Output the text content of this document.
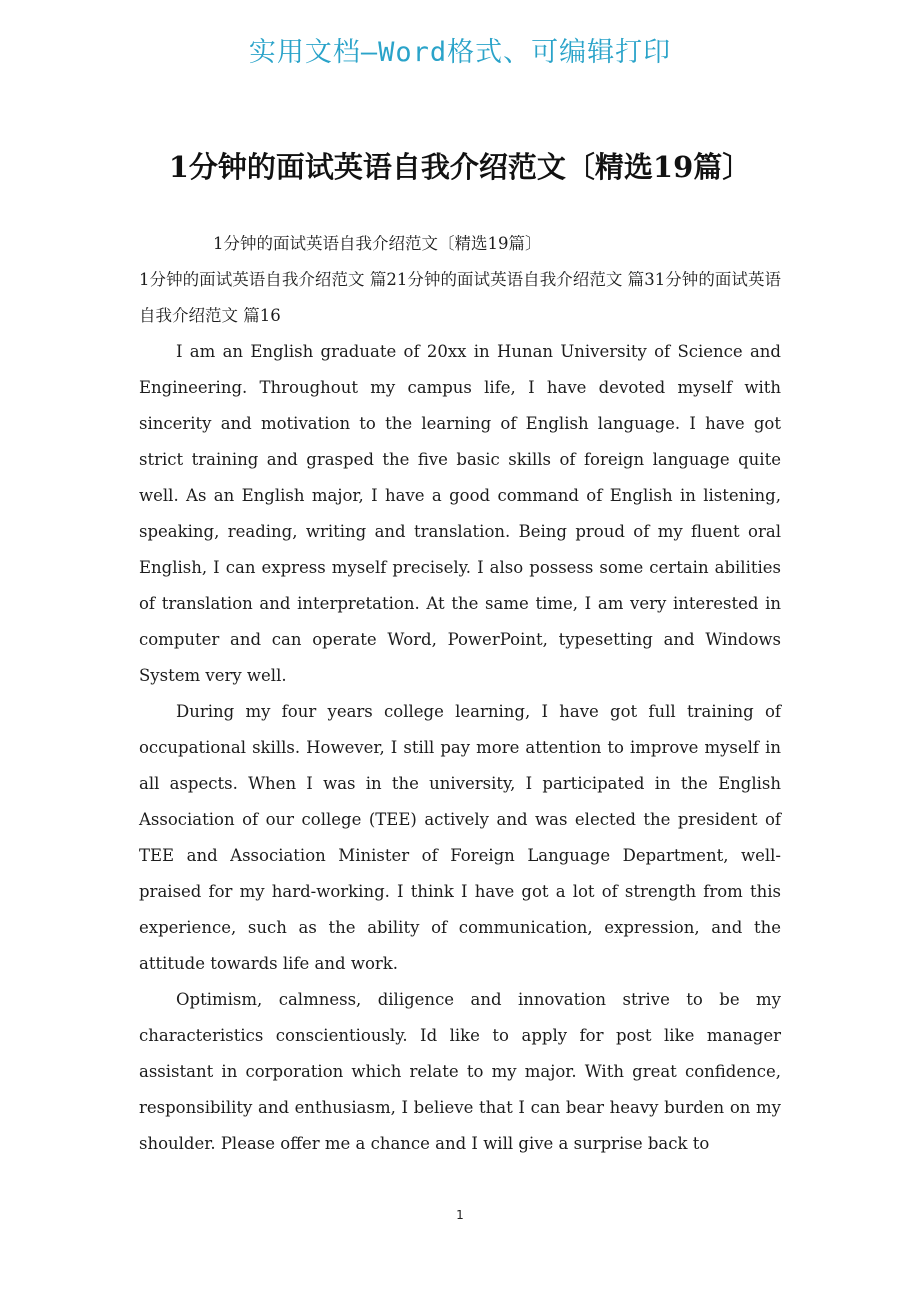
实用文档—Word格式、可编辑打印
1分钟的面试英语自我介绍范文〔精选19篇〕
1分钟的面试英语自我介绍范文〔精选19篇〕
1分钟的面试英语自我介绍范文 篇21分钟的面试英语自我介绍范文 篇31分钟的面试英语自我介绍范文 篇16

I am an English graduate of 20xx in Hunan University of Science and Engineering. Throughout my campus life, I have devoted myself with sincerity and motivation to the learning of English language. I have got strict training and grasped the five basic skills of foreign language quite well. As an English major, I have a good command of English in listening, speaking, reading, writing and translation. Being proud of my fluent oral English, I can express myself precisely. I also possess some certain abilities of translation and interpretation. At the same time, I am very interested in computer and can operate Word, PowerPoint, typesetting and Windows System very well.

During my four years college learning, I have got full training of occupational skills. However, I still pay more attention to improve myself in all aspects. When I was in the university, I participated in the English Association of our college (TEE) actively and was elected the president of TEE and Association Minister of Foreign Language Department, well-praised for my hard-working. I think I have got a lot of strength from this experience, such as the ability of communication, expression, and the attitude towards life and work.

Optimism, calmness, diligence and innovation strive to be my characteristics conscientiously. Id like to apply for post like manager assistant in corporation which relate to my major. With great confidence, responsibility and enthusiasm, I believe that I can bear heavy burden on my shoulder. Please offer me a chance and I will give a surprise back to

1
